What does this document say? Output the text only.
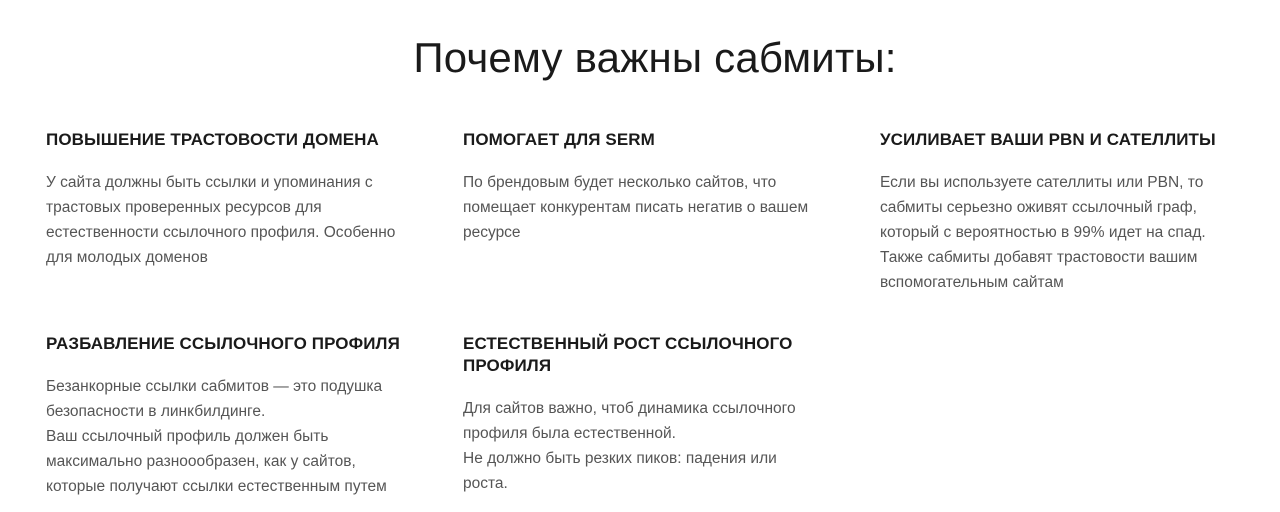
Почему важны сабмиты:
ПОВЫШЕНИЕ ТРАСТОВОСТИ ДОМЕНА
У сайта должны быть ссылки и упоминания с
трастовых проверенных ресурсов для
естественности ссылочного профиля. Особенно
для молодых доменов
ПОМОГАЕТ ДЛЯ SERM
По брендовым будет несколько сайтов, что
помещает конкурентам писать негатив о вашем
ресурсе
УСИЛИВАЕТ ВАШИ PBN И САТЕЛЛИТЫ
Если вы используете сателлиты или PBN, то
сабмиты серьезно оживят ссылочный граф,
который с вероятностью в 99% идет на спад.
Также сабмиты добавят трастовости вашим
вспомогательным сайтам
РАЗБАВЛЕНИЕ ССЫЛОЧНОГО ПРОФИЛЯ
Безанкорные ссылки сабмитов — это подушка
безопасности в линкбилдинге.
Ваш ссылочный профиль должен быть
максимально разноообразен, как у сайтов,
которые получают ссылки естественным путем
ЕСТЕСТВЕННЫЙ РОСТ ССЫЛОЧНОГО
ПРОФИЛЯ
Для сайтов важно, чтоб динамика ссылочного
профиля была естественной.
Не должно быть резких пиков: падения или
роста.
